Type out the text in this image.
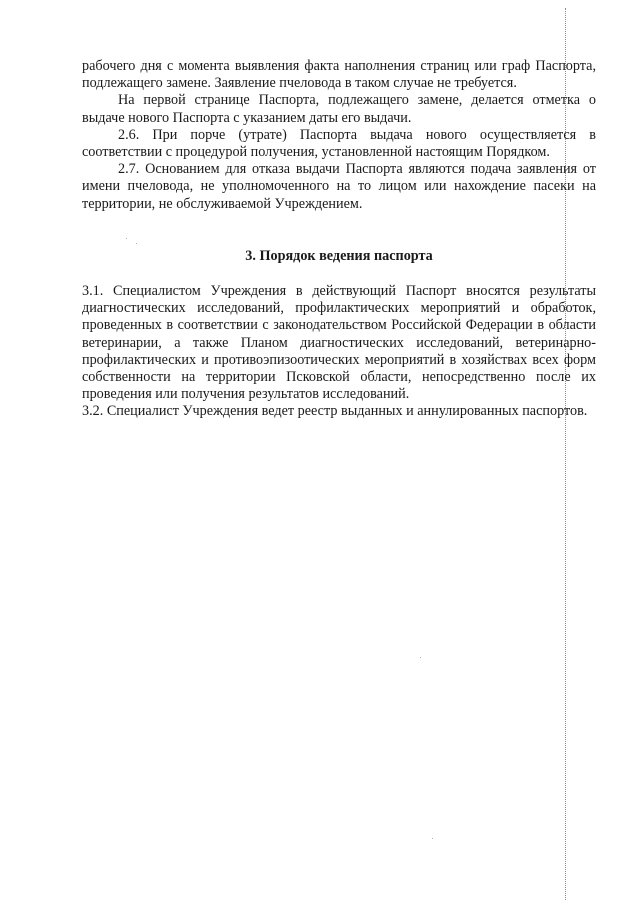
рабочего дня с момента выявления факта наполнения страниц или граф Паспорта, подлежащего замене. Заявление пчеловода в таком случае не требуется.

На первой странице Паспорта, подлежащего замене, делается отметка о выдаче нового Паспорта с указанием даты его выдачи.

2.6. При порче (утрате) Паспорта выдача нового осуществляется в соответствии с процедурой получения, установленной настоящим Порядком.

2.7. Основанием для отказа выдачи Паспорта являются подача заявления от имени пчеловода, не уполномоченного на то лицом или нахождение пасеки на территории, не обслуживаемой Учреждением.

3. Порядок ведения паспорта

3.1. Специалистом Учреждения в действующий Паспорт вносятся результаты диагностических исследований, профилактических мероприятий и обработок, проведенных в соответствии с законодательством Российской Федерации в области ветеринарии, а также Планом диагностических исследований, ветеринарно-профилактических и противоэпизоотических мероприятий в хозяйствах всех форм собственности на территории Псковской области, непосредственно после их проведения или получения результатов исследований.

3.2. Специалист Учреждения ведет реестр выданных и аннулированных паспортов.
